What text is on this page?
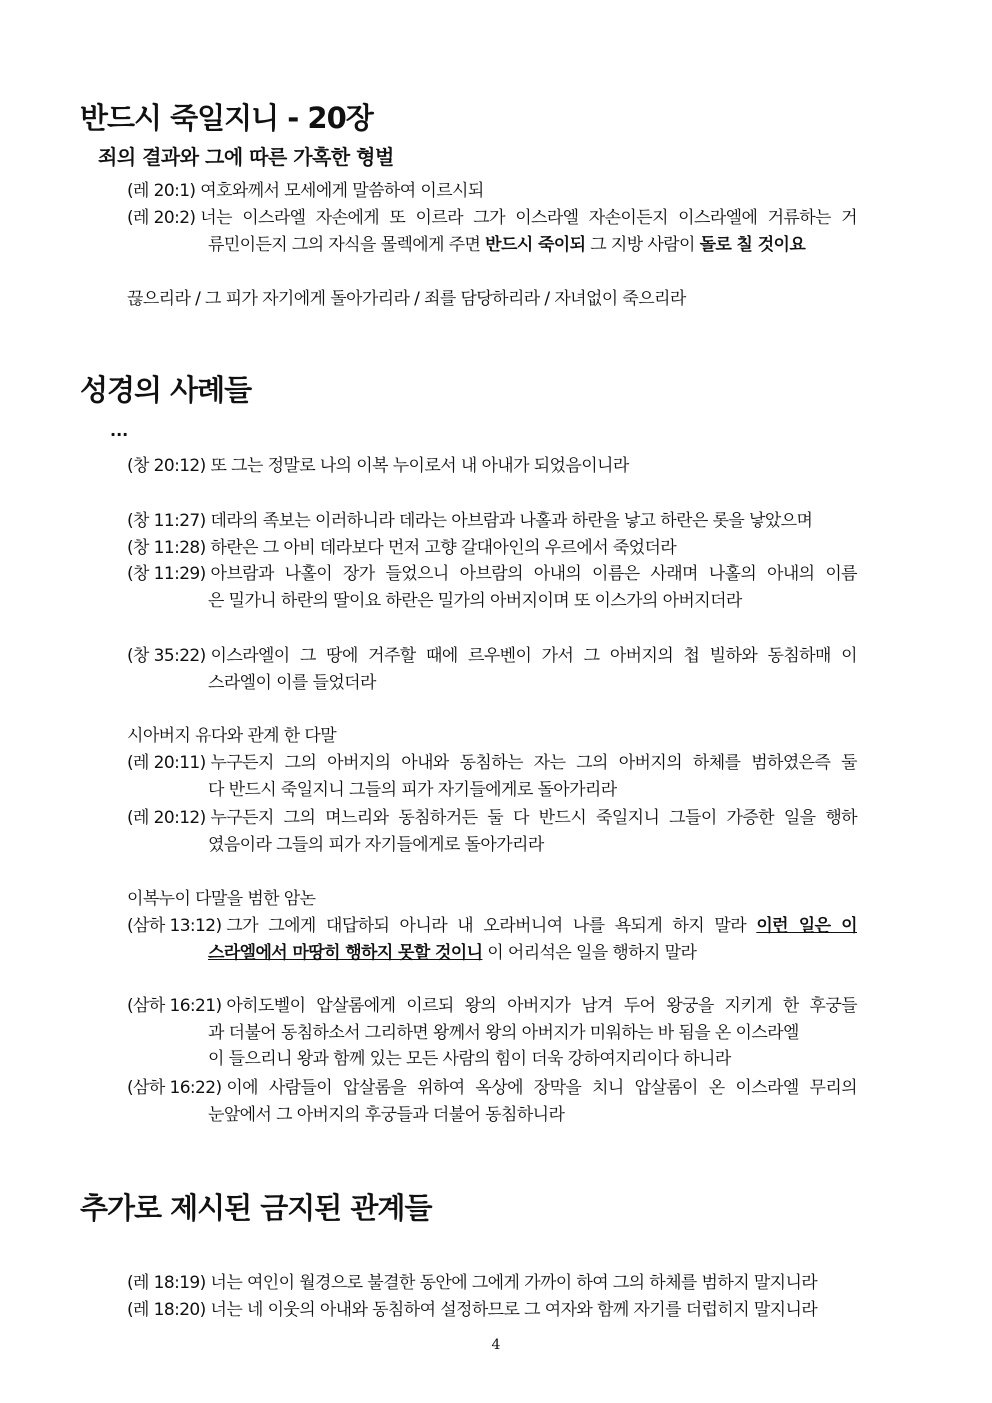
반드시 죽일지니 - 20장
죄의 결과와 그에 따른 가혹한 형벌
(레 20:1)
여호와께서 모세에게 말씀하여 이르시되
(레 20:2)
너는 이스라엘 자손에게 또 이르라 그가 이스라엘 자손이든지 이스라엘에 거류하는 거
류민이든지 그의 자식을 몰렉에게 주면 반드시 죽이되 그 지방 사람이 돌로 칠 것이요
끊으리라 / 그 피가 자기에게 돌아가리라 / 죄를 담당하리라 / 자녀없이 죽으리라
성경의 사례들
...
(창 20:12)
또 그는 정말로 나의 이복 누이로서 내 아내가 되었음이니라
(창 11:27)
데라의 족보는 이러하니라 데라는 아브람과 나홀과 하란을 낳고 하란은 롯을 낳았으며
(창 11:28)
하란은 그 아비 데라보다 먼저 고향 갈대아인의 우르에서 죽었더라
(창 11:29)
아브람과 나홀이 장가 들었으니 아브람의 아내의 이름은 사래며 나홀의 아내의 이름
은 밀가니 하란의 딸이요 하란은 밀가의 아버지이며 또 이스가의 아버지더라
(창 35:22)
이스라엘이 그 땅에 거주할 때에 르우벤이 가서 그 아버지의 첩 빌하와 동침하매 이
스라엘이 이를 들었더라
시아버지 유다와 관계 한 다말
(레 20:11)
누구든지 그의 아버지의 아내와 동침하는 자는 그의 아버지의 하체를 범하였은즉 둘
다 반드시 죽일지니 그들의 피가 자기들에게로 돌아가리라
(레 20:12)
누구든지 그의 며느리와 동침하거든 둘 다 반드시 죽일지니 그들이 가증한 일을 행하
였음이라 그들의 피가 자기들에게로 돌아가리라
이복누이 다말을 범한 암논
(삼하 13:12)
그가 그에게 대답하되 아니라 내 오라버니여 나를 욕되게 하지 말라 이런 일은 이
스라엘에서 마땅히 행하지 못할 것이니 이 어리석은 일을 행하지 말라
(삼하 16:21)
아히도벨이 압살롬에게 이르되 왕의 아버지가 남겨 두어 왕궁을 지키게 한 후궁들
과 더불어 동침하소서 그리하면 왕께서 왕의 아버지가 미워하는 바 됨을 온 이스라엘
이 들으리니 왕과 함께 있는 모든 사람의 힘이 더욱 강하여지리이다 하니라
(삼하 16:22)
이에 사람들이 압살롬을 위하여 옥상에 장막을 치니 압살롬이 온 이스라엘 무리의
눈앞에서 그 아버지의 후궁들과 더불어 동침하니라
추가로 제시된 금지된 관계들
(레 18:19)
너는 여인이 월경으로 불결한 동안에 그에게 가까이 하여 그의 하체를 범하지 말지니라
(레 18:20)
너는 네 이웃의 아내와 동침하여 설정하므로 그 여자와 함께 자기를 더럽히지 말지니라
4
